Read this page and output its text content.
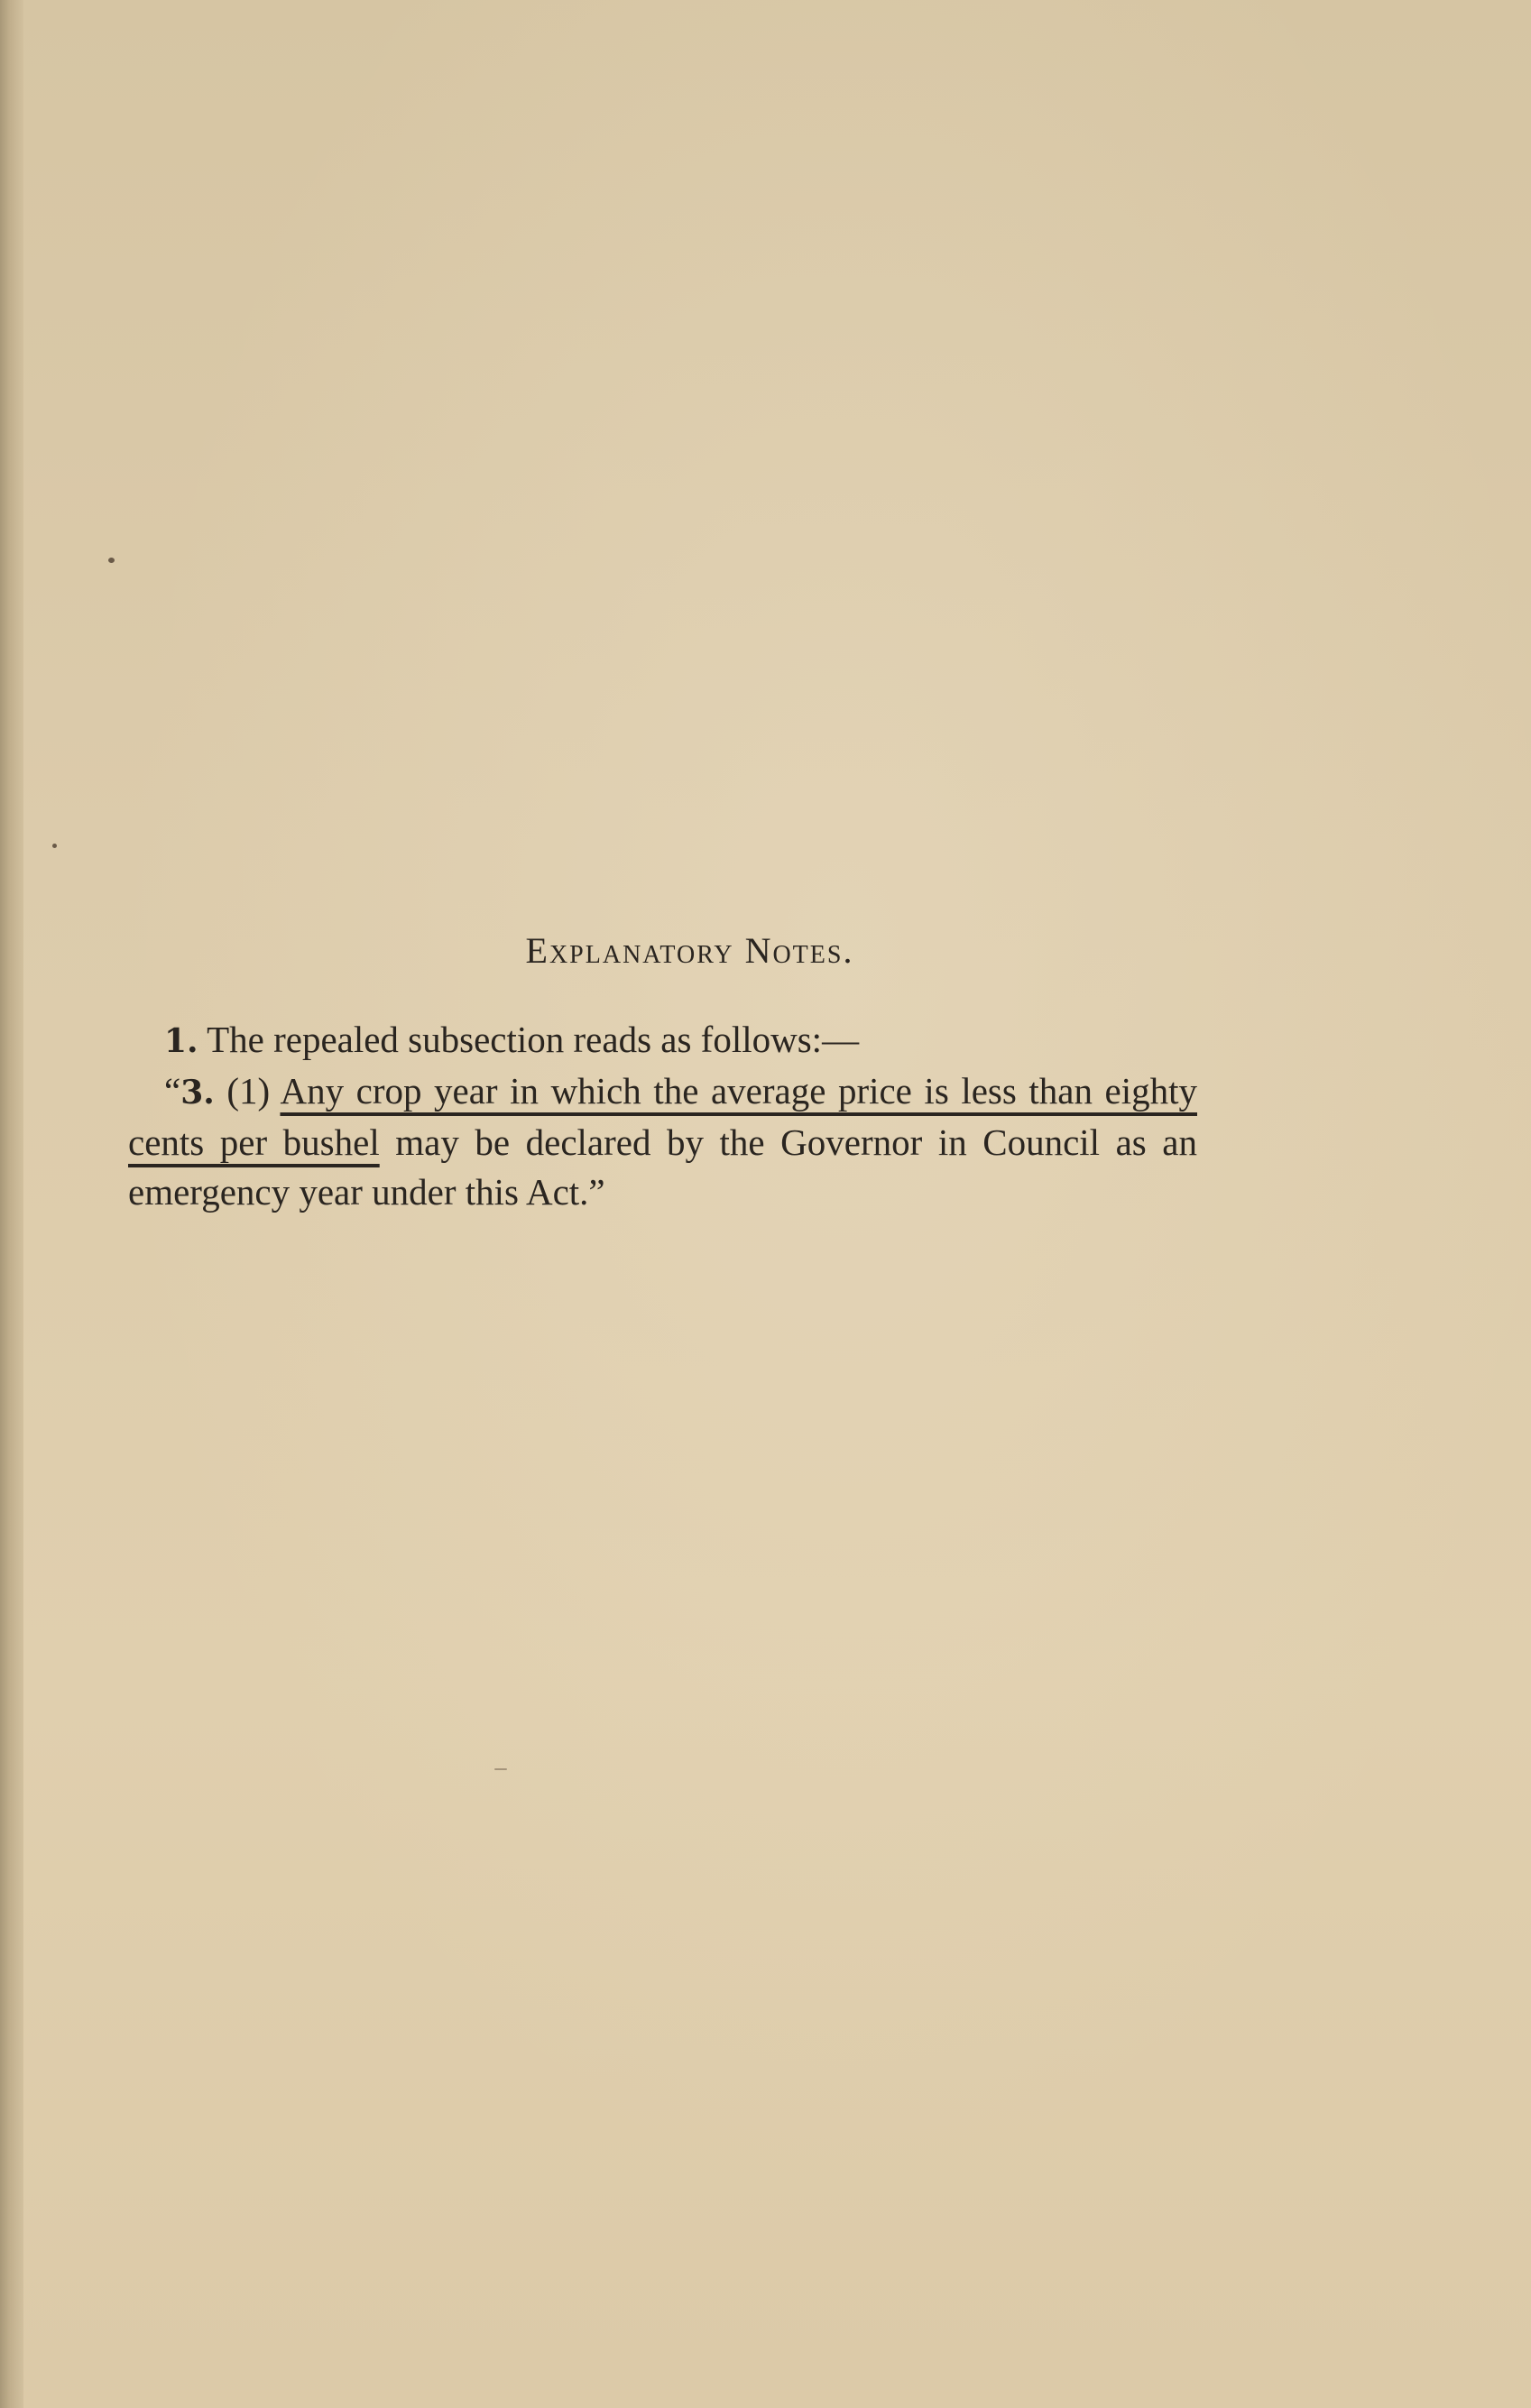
Explanatory Notes.

1. The repealed subsection reads as follows:—

“3. (1) Any crop year in which the average price is less than eighty cents per bushel may be declared by the Governor in Council as an emergency year under this Act.”
